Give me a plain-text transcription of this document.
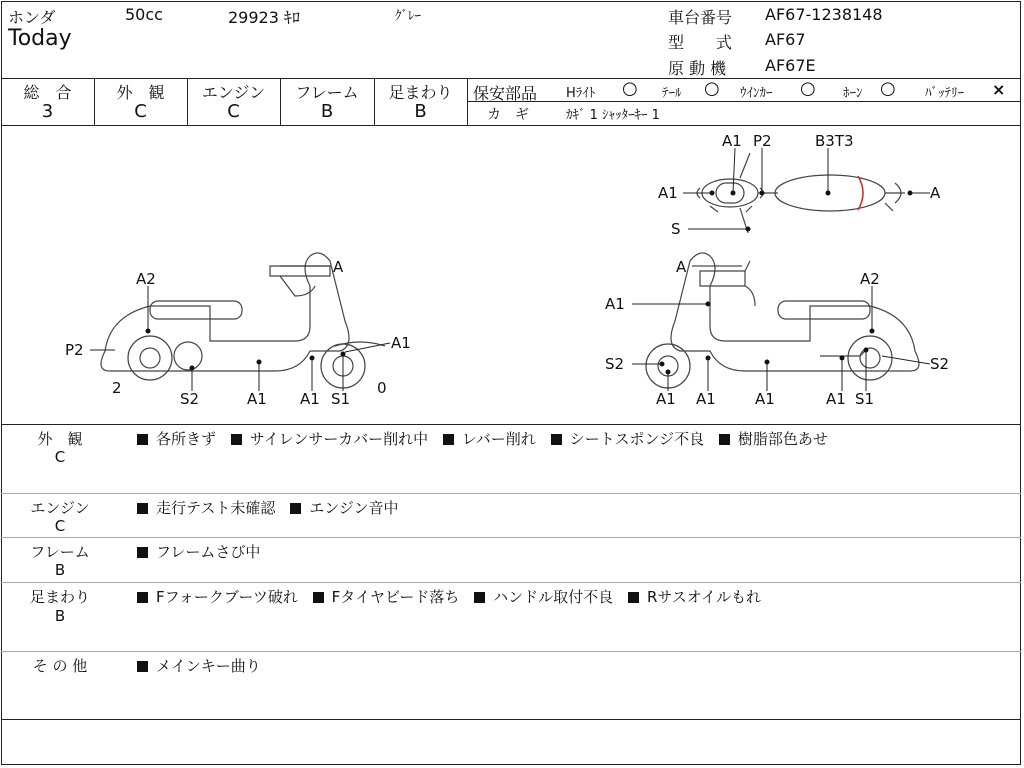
ホンダ	50cc	29923 ｷﾛ	ｸﾞﾚｰ
Today
車台番号 AF67-1238148
型　　式 AF67
原 動 機 AF67E
総　合
3
外　観
C
エンジン
C
フレーム
B
足まわり
B
保安部品 Hﾗｲﾄ ○ ﾃｰﾙ ○ ｳｲﾝｶｰ ○ ﾎｰﾝ ○ ﾊﾞｯﾃﾘｰ ×
カ　ギ	ｶｷﾞ 1 ｼｬｯﾀｰｷｰ 1
A1 P2	B3T3
A1	A
S
A
A2
P2
2
S2	A1 A1 S1
A1
0
A
A1
A2
S2
A1 A1	A1	A1 S1
S2
外　観
C
各所きず サイレンサーカバー削れ中 レバー削れ シートスポンジ不良 樹脂部色あせ
エンジン
C
走行テスト未確認 エンジン音中
フレーム
B
フレームさび中
足まわり
B
Fフォークブーツ破れ Fタイヤビード落ち ハンドル取付不良 Rサスオイルもれ
そ の 他	メインキー曲り
